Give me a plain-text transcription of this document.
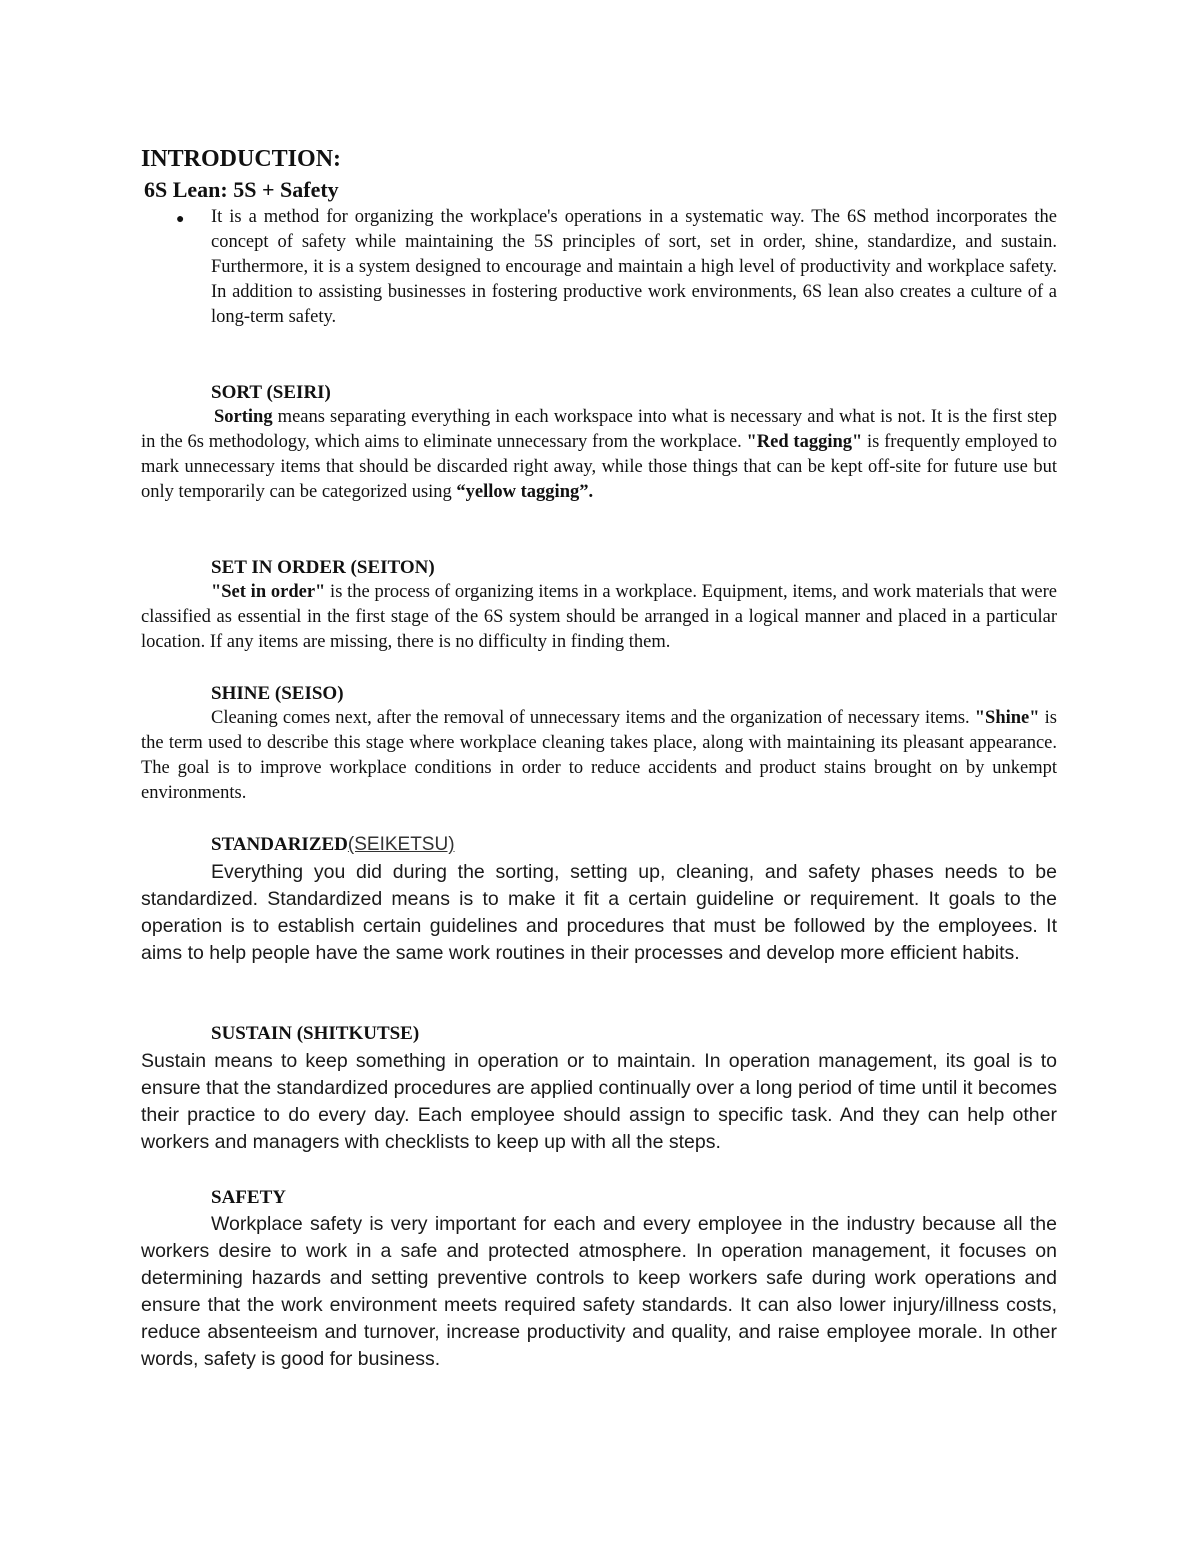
INTRODUCTION:
6S Lean: 5S + Safety
● It is a method for organizing the workplace's operations in a systematic way. The 6S method incorporates the concept of safety while maintaining the 5S principles of sort, set in order, shine, standardize, and sustain. Furthermore, it is a system designed to encourage and maintain a high level of productivity and workplace safety. In addition to assisting businesses in fostering productive work environments, 6S lean also creates a culture of a long-term safety.

SORT (SEIRI)

Sorting means separating everything in each workspace into what is necessary and what is not. It is the first step in the 6s methodology, which aims to eliminate unnecessary from the workplace. "Red tagging" is frequently employed to mark unnecessary items that should be discarded right away, while those things that can be kept off-site for future use but only temporarily can be categorized using “yellow tagging”.

SET IN ORDER (SEITON)

"Set in order" is the process of organizing items in a workplace. Equipment, items, and work materials that were classified as essential in the first stage of the 6S system should be arranged in a logical manner and placed in a particular location. If any items are missing, there is no difficulty in finding them.

SHINE (SEISO)

Cleaning comes next, after the removal of unnecessary items and the organization of necessary items. "Shine" is the term used to describe this stage where workplace cleaning takes place, along with maintaining its pleasant appearance. The goal is to improve workplace conditions in order to reduce accidents and product stains brought on by unkempt environments.

STANDARIZED(SEIKETSU)

Everything you did during the sorting, setting up, cleaning, and safety phases needs to be standardized. Standardized means is to make it fit a certain guideline or requirement. It goals to the operation is to establish certain guidelines and procedures that must be followed by the employees. It aims to help people have the same work routines in their processes and develop more efficient habits.

SUSTAIN (SHITKUTSE)

Sustain means to keep something in operation or to maintain. In operation management, its goal is to ensure that the standardized procedures are applied continually over a long period of time until it becomes their practice to do every day. Each employee should assign to specific task. And they can help other workers and managers with checklists to keep up with all the steps.

SAFETY

Workplace safety is very important for each and every employee in the industry because all the workers desire to work in a safe and protected atmosphere. In operation management, it focuses on determining hazards and setting preventive controls to keep workers safe during work operations and ensure that the work environment meets required safety standards. It can also lower injury/illness costs, reduce absenteeism and turnover, increase productivity and quality, and raise employee morale. In other words, safety is good for business.
